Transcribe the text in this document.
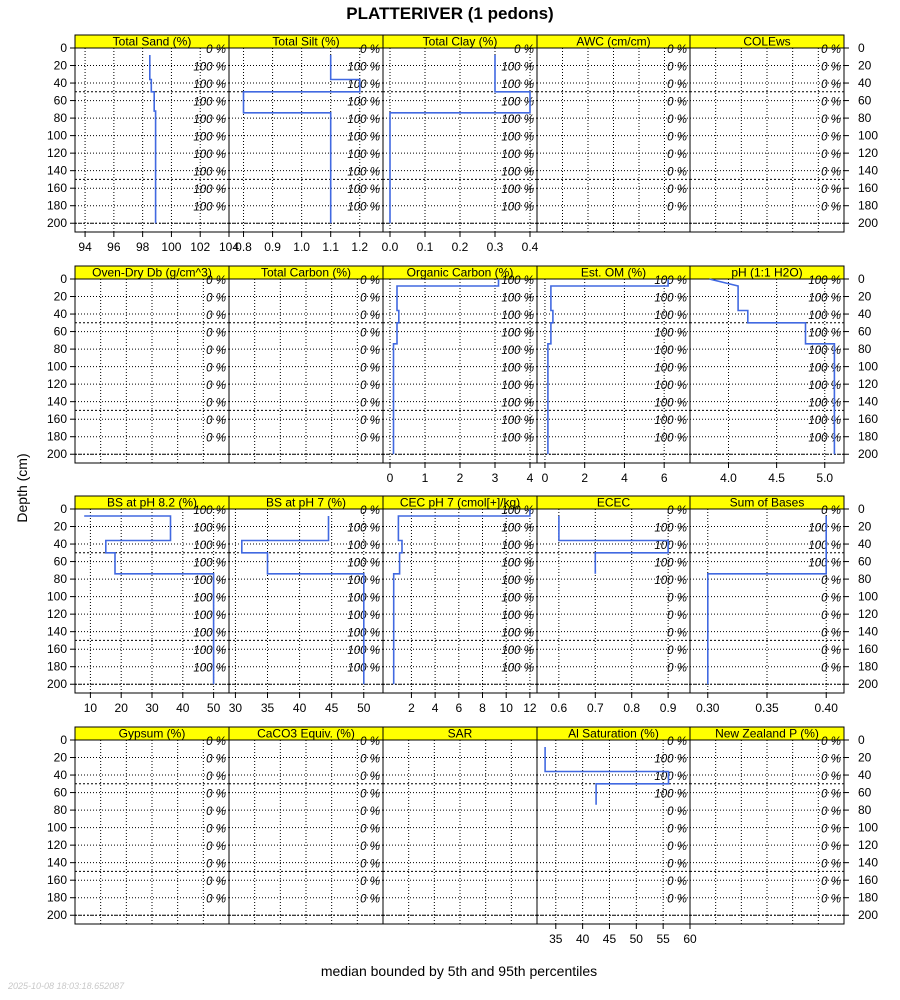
PLATTERIVER (1 pedons)
0	0
20	20
40	40
60	60
80	80
100	100
120	120
140	140
160	160
180	180
200	200
Total Sand (%)
0 %
100 %
100 %
100 %
100 %
100 %
100 %
100 %
100 %
100 %
94 96 98 100 102 104
Total Silt (%)
0 %
100 %
100 %
100 %
100 %
100 %
100 %
100 %
100 %
100 %
0.8 0.9 1.0 1.1 1.2
Total Clay (%)
0 %
100 %
100 %
100 %
100 %
100 %
100 %
100 %
100 %
100 %
0.0 0.1 0.2 0.3 0.4
AWC (cm/cm)
0 %
0 %
0 %
0 %
0 %
0 %
0 %
0 %
0 %
0 %
COLEws
0 %
0 %
0 %
0 %
0 %
0 %
0 %
0 %
0 %
0 %
0	0
20	20
40	40
60	60
80	80
100	100
120	120
140	140
160	160
180	180
200	200
Oven-Dry Db (g/cm^3)
0 %
0 %
0 %
0 %
0 %
0 %
0 %
0 %
0 %
0 %
Total Carbon (%)
0 %
0 %
0 %
0 %
0 %
0 %
0 %
0 %
0 %
0 %
Organic Carbon (%)
100 %
100 %
100 %
100 %
100 %
100 %
100 %
100 %
100 %
100 %
0 1 2 3 4
Est. OM (%)
100 %
100 %
100 %
100 %
100 %
100 %
100 %
100 %
100 %
100 %
0	2	4	6
pH (1:1 H2O)
100 %
100 %
100 %
100 %
100 %
100 %
100 %
100 %
100 %
100 %
4.0	4.5	5.0
0	0
20	20
40	40
60	60
80	80
100	100
120	120
140	140
160	160
180	180
200	200
BS at pH 8.2 (%)
100 %
100 %
100 %
100 %
100 %
100 %
100 %
100 %
100 %
100 %
10 20 30 40 50
BS at pH 7 (%)
0 %
100 %
100 %
100 %
100 %
100 %
100 %
100 %
100 %
100 %
30 35 40 45 50
CEC pH 7 (cmol[+]/kg)
100 %
100 %
100 %
100 %
100 %
100 %
100 %
100 %
100 %
100 %
2 4 6 8 10 12
ECEC
0 %
100 %
100 %
100 %
100 %
0 %
0 %
0 %
0 %
0 %
0.6 0.7 0.8 0.9
Sum of Bases
0 %
100 %
100 %
100 %
0 %
0 %
0 %
0 %
0 %
0 %
0.30	0.35	0.40
0	0
20	20
40	40
60	60
80	80
100	100
120	120
140	140
160	160
180	180
200	200
Gypsum (%)
0 %
0 %
0 %
0 %
0 %
0 %
0 %
0 %
0 %
0 %
CaCO3 Equiv. (%)
0 %
0 %
0 %
0 %
0 %
0 %
0 %
0 %
0 %
0 %
SAR	Al Saturation (%)
0 %
100 %
100 %
100 %
0 %
0 %
0 %
0 %
0 %
0 %
35 40 45 50 55 60
New Zealand P (%)
0 %
0 %
0 %
0 %
0 %
0 %
0 %
0 %
0 %
0 %
Depth (cm)
median bounded by 5th and 95th percentiles
2025-10-08 18:03:18.652087
